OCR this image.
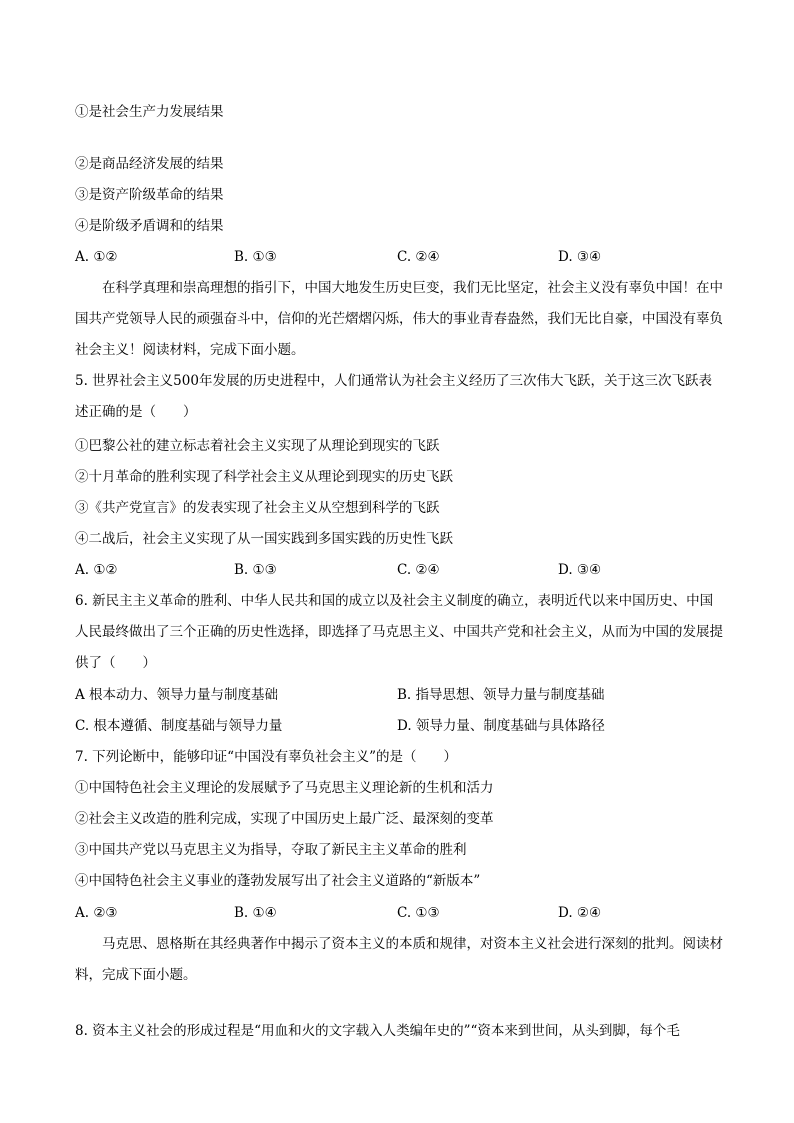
①是社会生产力发展结果
②是商品经济发展的结果
③是资产阶级革命的结果
④是阶级矛盾调和的结果
A. ①②	B. ①③	C. ②④	D. ③④
在科学真理和崇高理想的指引下，中国大地发生历史巨变，我们无比坚定，社会主义没有辜负中国！在中国共产党领导人民的顽强奋斗中，信仰的光芒熠熠闪烁，伟大的事业青春盎然，我们无比自豪，中国没有辜负社会主义！阅读材料，完成下面小题。
5. 世界社会主义500年发展的历史进程中，人们通常认为社会主义经历了三次伟大飞跃，关于这三次飞跃表述正确的是（　　）
①巴黎公社的建立标志着社会主义实现了从理论到现实的飞跃
②十月革命的胜利实现了科学社会主义从理论到现实的历史飞跃
③《共产党宣言》的发表实现了社会主义从空想到科学的飞跃
④二战后，社会主义实现了从一国实践到多国实践的历史性飞跃
A. ①②	B. ①③	C. ②④	D. ③④
6. 新民主主义革命的胜利、中华人民共和国的成立以及社会主义制度的确立，表明近代以来中国历史、中国人民最终做出了三个正确的历史性选择，即选择了马克思主义、中国共产党和社会主义，从而为中国的发展提供了（　　）
A 根本动力、领导力量与制度基础	B. 指导思想、领导力量与制度基础
C. 根本遵循、制度基础与领导力量	D. 领导力量、制度基础与具体路径
7. 下列论断中，能够印证“中国没有辜负社会主义”的是（　　）
①中国特色社会主义理论的发展赋予了马克思主义理论新的生机和活力
②社会主义改造的胜利完成，实现了中国历史上最广泛、最深刻的变革
③中国共产党以马克思主义为指导，夺取了新民主主义革命的胜利
④中国特色社会主义事业的蓬勃发展写出了社会主义道路的“新版本”
A. ②③	B. ①④	C. ①③	D. ②④
马克思、恩格斯在其经典著作中揭示了资本主义的本质和规律，对资本主义社会进行深刻的批判。阅读材料，完成下面小题。
8. 资本主义社会的形成过程是“用血和火的文字载入人类编年史的”“资本来到世间，从头到脚，每个毛
